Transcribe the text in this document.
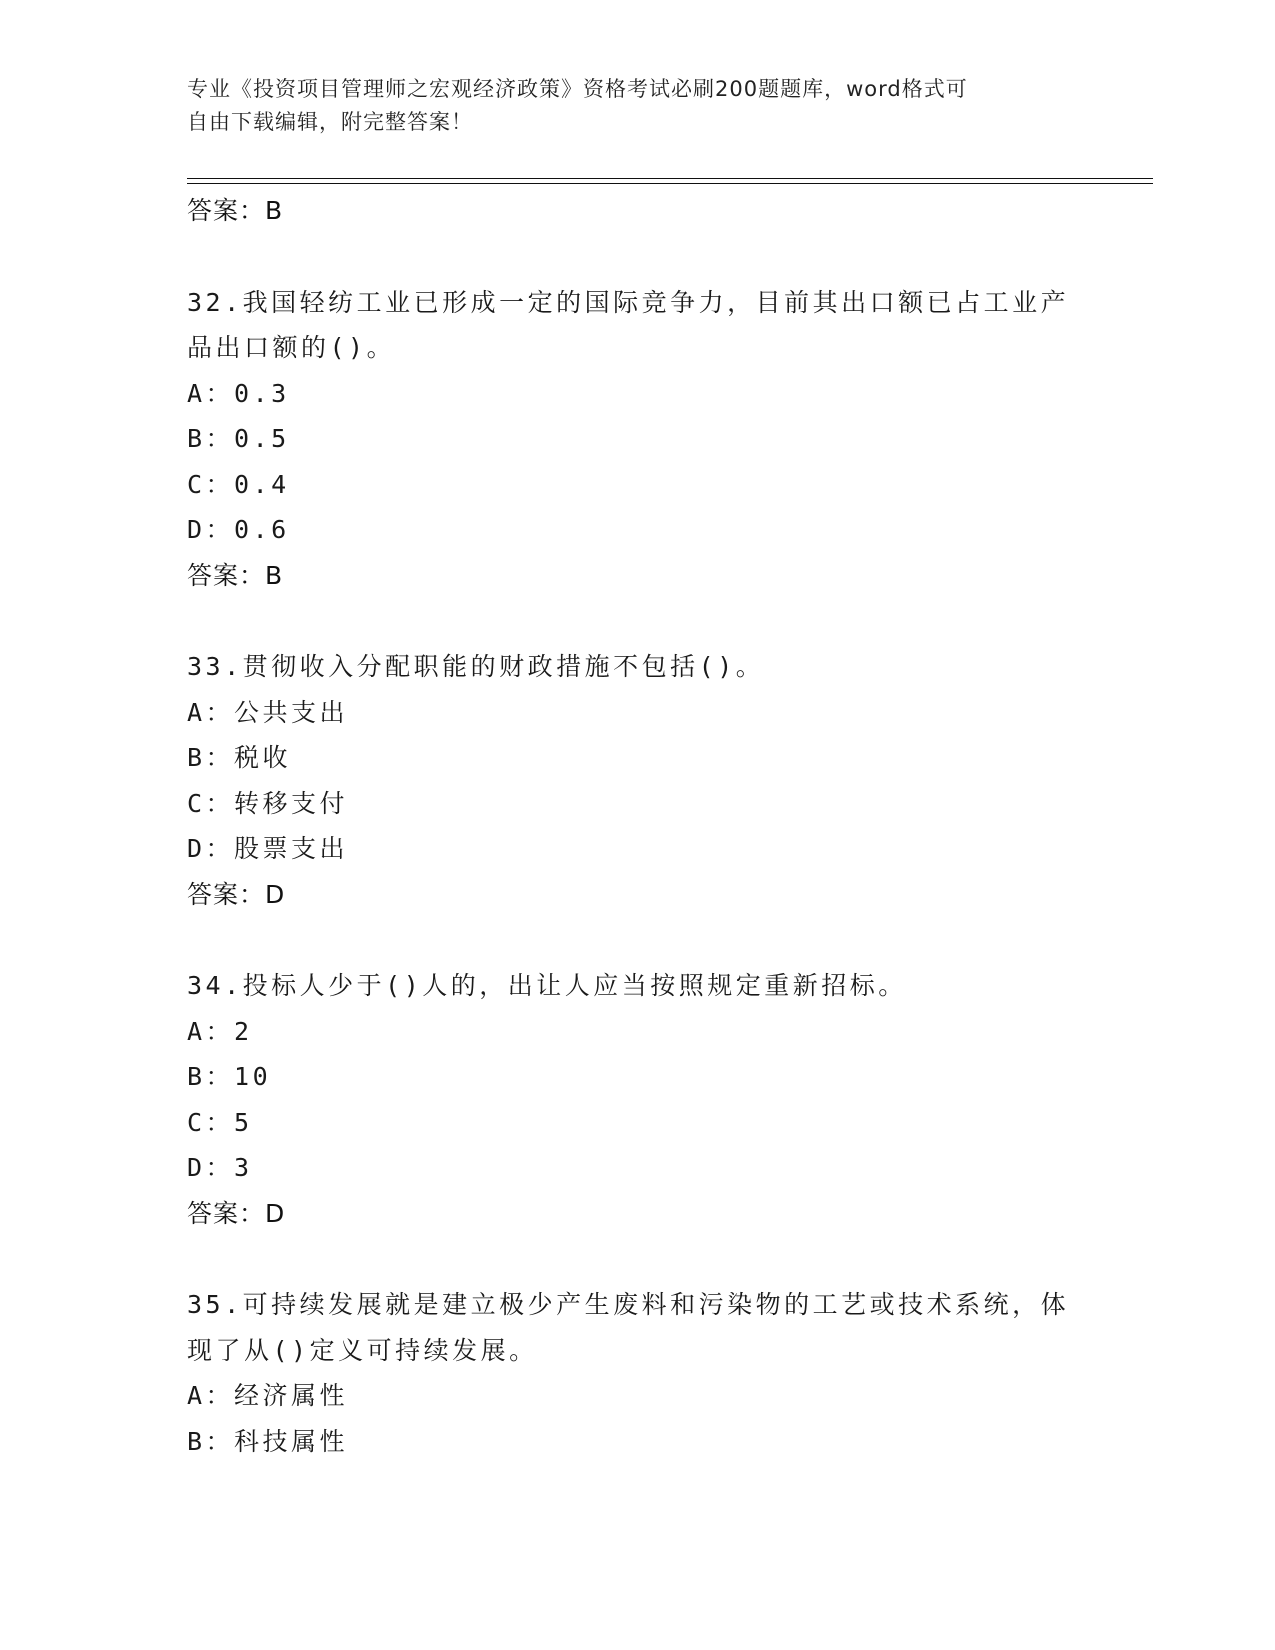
专业《投资项目管理师之宏观经济政策》资格考试必刷200题题库，word格式可
自由下载编辑，附完整答案！
答案：B
32.我国轻纺工业已形成一定的国际竞争力，目前其出口额已占工业产
品出口额的()。
A：0.3
B：0.5
C：0.4
D：0.6
答案：B
33.贯彻收入分配职能的财政措施不包括()。
A：公共支出
B：税收
C：转移支付
D：股票支出
答案：D
34.投标人少于()人的，出让人应当按照规定重新招标。
A：2
B：10
C：5
D：3
答案：D
35.可持续发展就是建立极少产生废料和污染物的工艺或技术系统，体
现了从()定义可持续发展。
A：经济属性
B：科技属性
